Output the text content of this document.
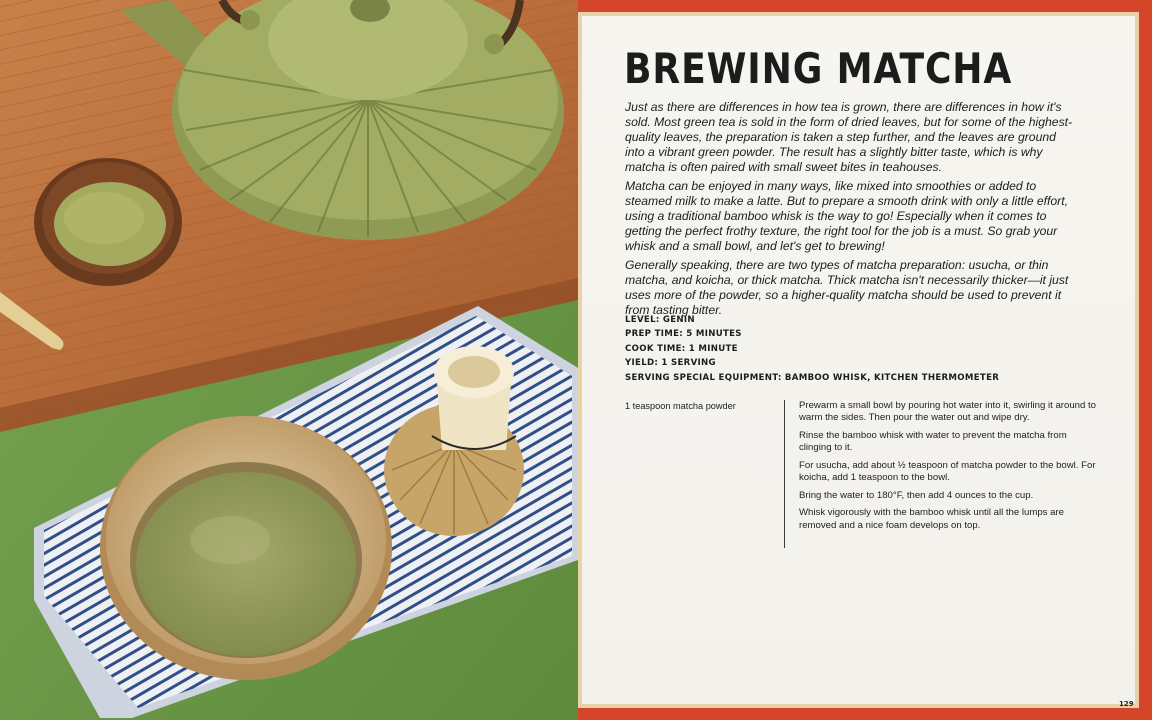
BREWING MATCHA

Just as there are differences in how tea is grown, there are differences in how it's sold. Most green tea is sold in the form of dried leaves, but for some of the highest-quality leaves, the preparation is taken a step further, and the leaves are ground into a vibrant green powder. The result has a slightly bitter taste, which is why matcha is often paired with small sweet bites in teahouses.

Matcha can be enjoyed in many ways, like mixed into smoothies or added to steamed milk to make a latte. But to prepare a smooth drink with only a little effort, using a traditional bamboo whisk is the way to go! Especially when it comes to getting the perfect frothy texture, the right tool for the job is a must. So grab your whisk and a small bowl, and let's get to brewing!

Generally speaking, there are two types of matcha preparation: usucha, or thin matcha, and koicha, or thick matcha. Thick matcha isn't necessarily thicker—it just uses more of the powder, so a higher-quality matcha should be used to prevent it from tasting bitter.

LEVEL: GENIN
PREP TIME: 5 MINUTES
COOK TIME: 1 MINUTE
YIELD: 1 SERVING
SERVING SPECIAL EQUIPMENT: BAMBOO WHISK, KITCHEN THERMOMETER
1 teaspoon matcha powder	Prewarm a small bowl by pouring hot water into it, swirling it around to warm the sides. Then pour the water out and wipe dry.
Rinse the bamboo whisk with water to prevent the matcha from clinging to it.
For usucha, add about ½ teaspoon of matcha powder to the bowl. For koicha, add 1 teaspoon to the bowl.
Bring the water to 180°F, then add 4 ounces to the cup.
Whisk vigorously with the bamboo whisk until all the lumps are removed and a nice foam develops on top.
129
